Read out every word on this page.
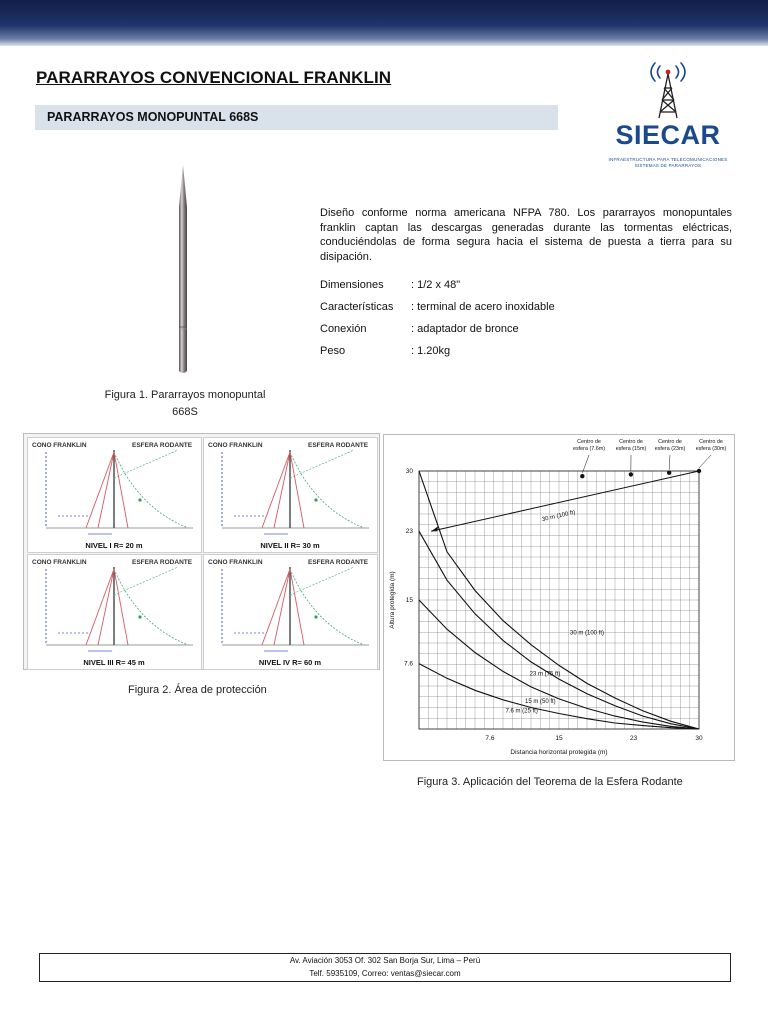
PARARRAYOS CONVENCIONAL FRANKLIN
PARARRAYOS MONOPUNTAL 668S
SIECAR
INFRAESTRUCTURA PARA TELECOMUNICACIONES
SISTEMAS DE PARARRAYOS
Figura 1. Pararrayos monopuntal
668S
Diseño conforme norma americana NFPA 780. Los pararrayos monopuntales franklin captan las descargas generadas durante las tormentas eléctricas, conduciéndolas de forma segura hacia el sistema de puesta a tierra para su disipación.
Dimensiones : 1/2 x 48"
Características : terminal de acero inoxidable
Conexión	: adaptador de bronce
Peso	: 1.20kg
CONO FRANKLIN	ESFERA RODANTE
NIVEL I R= 20 m
CONO FRANKLIN	ESFERA RODANTE
NIVEL II R= 30 m
CONO FRANKLIN	ESFERA RODANTE
NIVEL III R= 45 m
CONO FRANKLIN	ESFERA RODANTE
NIVEL IV R= 60 m
Figura 2. Área de protección
7.6	15	23	30
7.6
15
23
30
Distancia horizontal protegida (m)
Altura protegida (m)
30 m (100 ft)
23 m (75 ft)
15 m (50 ft)
7.6 m (25 ft)
30 m (100 ft)
Centro de esfera (7.6m)
Centro de esfera (15m)
Centro de esfera (23m)
Centro de esfera (30m)
Figura 3. Aplicación del Teorema de la Esfera Rodante
Av. Aviación 3053 Of. 302 San Borja Sur, Lima – Perú
Telf. 5935109, Correo: ventas@siecar.com
